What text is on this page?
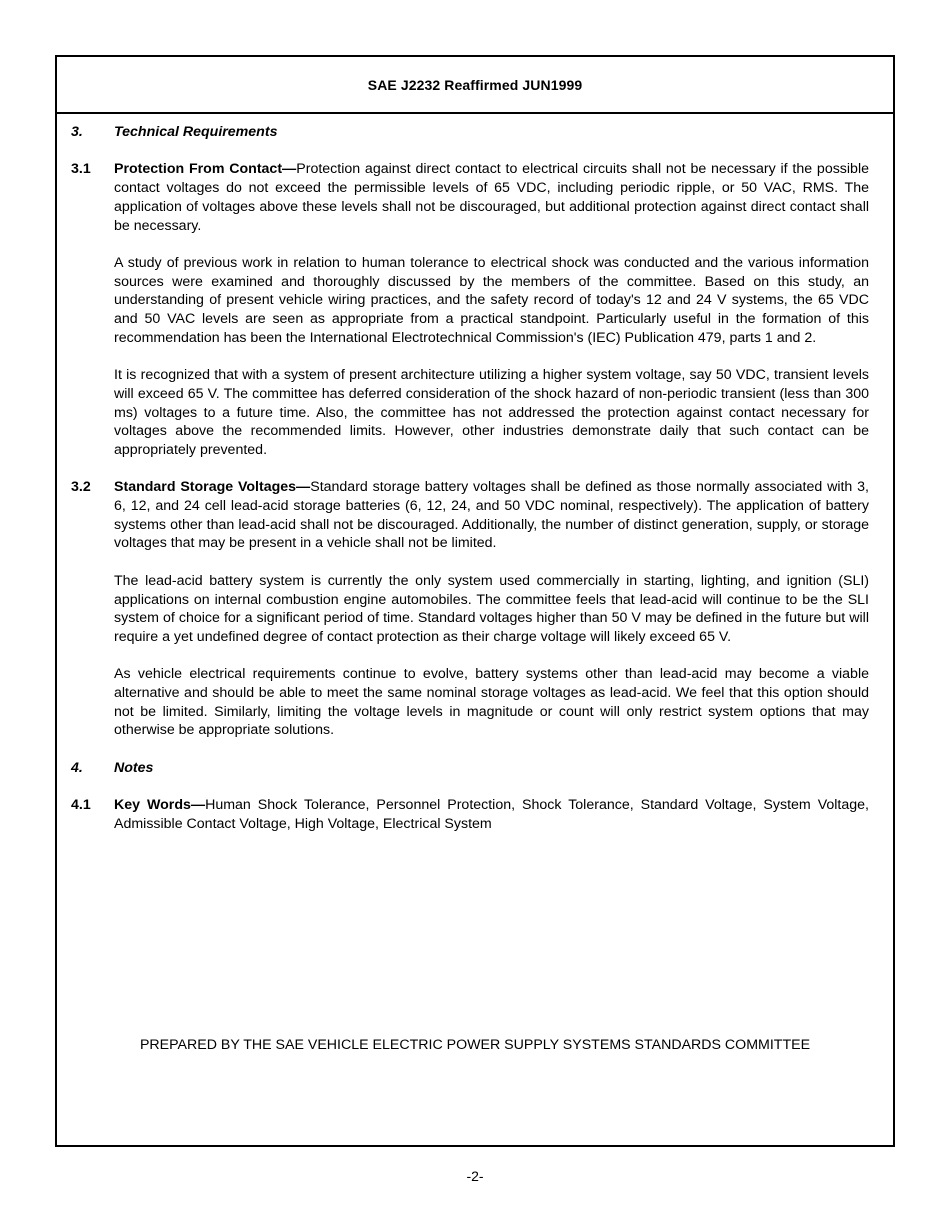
SAE J2232 Reaffirmed JUN1999
3.	Technical Requirements
3.1	Protection From Contact—Protection against direct contact to electrical circuits shall not be necessary if the possible contact voltages do not exceed the permissible levels of 65 VDC, including periodic ripple, or 50 VAC, RMS. The application of voltages above these levels shall not be discouraged, but additional protection against direct contact shall be necessary.

A study of previous work in relation to human tolerance to electrical shock was conducted and the various information sources were examined and thoroughly discussed by the members of the committee. Based on this study, an understanding of present vehicle wiring practices, and the safety record of today's 12 and 24 V systems, the 65 VDC and 50 VAC levels are seen as appropriate from a practical standpoint. Particularly useful in the formation of this recommendation has been the International Electrotechnical Commission's (IEC) Publication 479, parts 1 and 2.

It is recognized that with a system of present architecture utilizing a higher system voltage, say 50 VDC, transient levels will exceed 65 V. The committee has deferred consideration of the shock hazard of non-periodic transient (less than 300 ms) voltages to a future time. Also, the committee has not addressed the protection against contact necessary for voltages above the recommended limits. However, other industries demonstrate daily that such contact can be appropriately prevented.

3.2	Standard Storage Voltages—Standard storage battery voltages shall be defined as those normally associated with 3, 6, 12, and 24 cell lead-acid storage batteries (6, 12, 24, and 50 VDC nominal, respectively). The application of battery systems other than lead-acid shall not be discouraged. Additionally, the number of distinct generation, supply, or storage voltages that may be present in a vehicle shall not be limited.

The lead-acid battery system is currently the only system used commercially in starting, lighting, and ignition (SLI) applications on internal combustion engine automobiles. The committee feels that lead-acid will continue to be the SLI system of choice for a significant period of time. Standard voltages higher than 50 V may be defined in the future but will require a yet undefined degree of contact protection as their charge voltage will likely exceed 65 V.

As vehicle electrical requirements continue to evolve, battery systems other than lead-acid may become a viable alternative and should be able to meet the same nominal storage voltages as lead-acid. We feel that this option should not be limited. Similarly, limiting the voltage levels in magnitude or count will only restrict system options that may otherwise be appropriate solutions.

4.	Notes
4.1	Key Words—Human Shock Tolerance, Personnel Protection, Shock Tolerance, Standard Voltage, System Voltage, Admissible Contact Voltage, High Voltage, Electrical System

PREPARED BY THE SAE VEHICLE ELECTRIC POWER SUPPLY SYSTEMS STANDARDS COMMITTEE
-2-
